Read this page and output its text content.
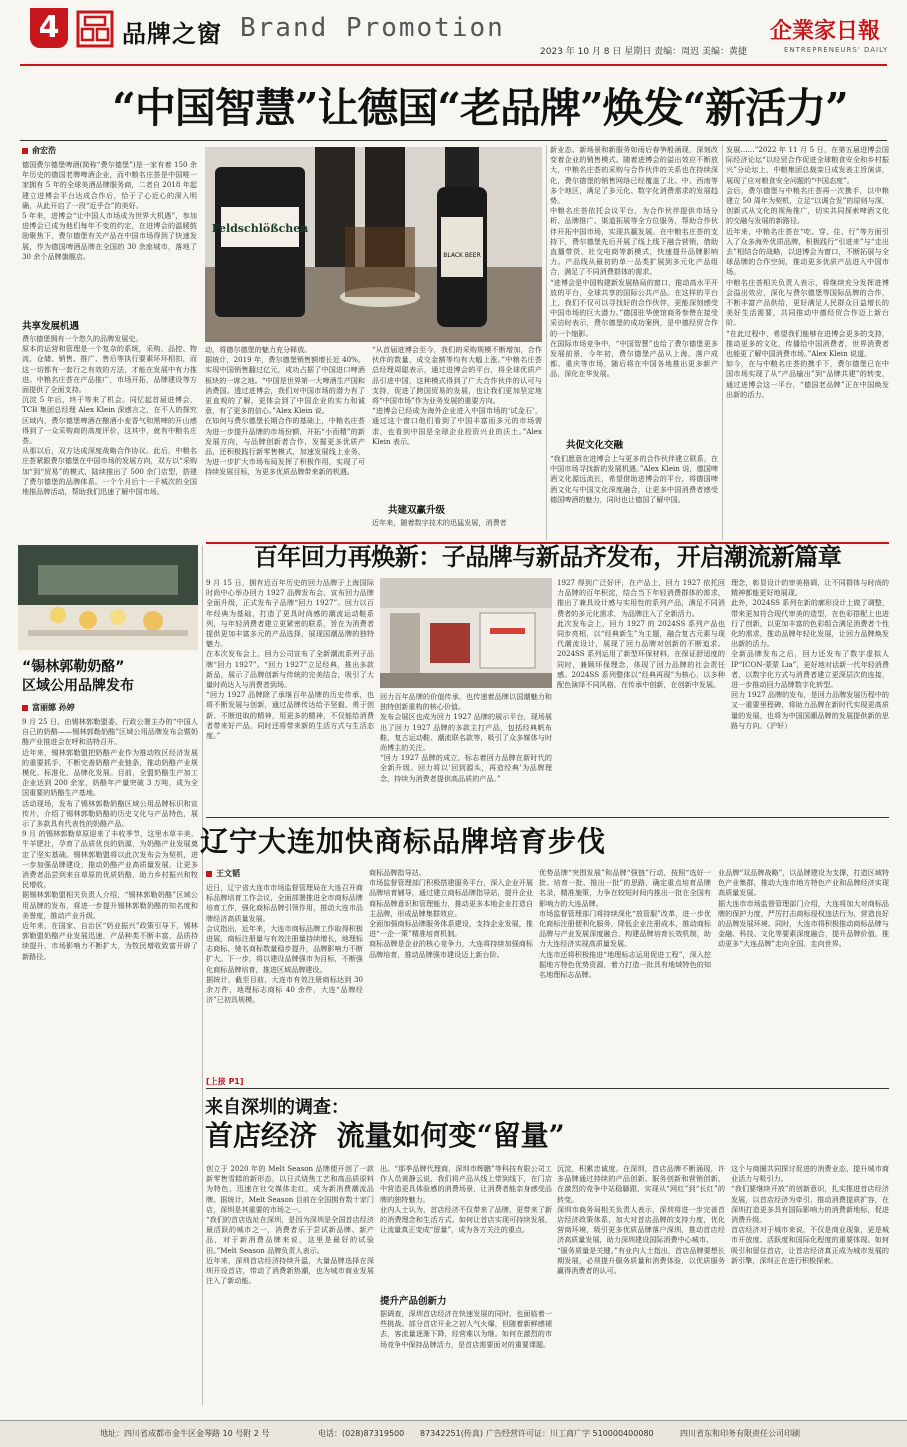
4	品牌之窗 Brand Promotion
2023 年 10 月 8 日 星期日 责编：周迟 美编：黄捷
企業家日報
ENTREPRENEURS' DAILY
“中国智慧”让德国“老品牌”焕发“新活力”
俞宏浩
德国费尔德堡啤酒(简称“费尔德堡”)是一家有着 150 余年历史的德国老牌啤酒企业，而中粮名庄荟是中国唯一家拥有 5 年的全球美酒品牌服务商，二者自 2018 年起建立进博会平台达成合作后，恰于了心近心的深入明确，从此开启了一段“近乎合”的美好。
5 年来，进博会“让中国人市场成为世界大机遇”，参加进博会已成为他们每年不变的约定，在进博会的温暖鼓励聚焦下，费尔德堡有关产品在中国市场得到了快速发展，作为德国啤酒品牌在全国的 30 余座城市，落地了 30 余个品牌旗舰店。
共享发展机遇
费尔德堡拥有一个悠久的品牌发展史。
原本的运营和管理是一个复杂的系统，采购、品控、物流、仓储、销售、推广、售后等执行要素环环相扣，而这一切都有一套行之有效的方法，才能在发展中有力推进。中粮名庄荟在产品推广，市场开拓，品牌建设等方面提供了全面支持。
沉淀 5 年后，终于等来了机会。同忆起首届进博会，TCB 集团总经理 Alex Klein 深感言之，在不人的探究区域内，费尔德堡啤酒在酿酒小麦香气和黑啤的开山感得到了一众采购商的高度评价，这其中，就有中粮名庄荟。
从那以后，双方达成深度战略合作协议。此后，中粮名庄荟紧跟费尔德堡在中国市场的发展方向，双方以“采购加“到“贸易”的模式，陆续推出了 500 余门店型，搭建了费尔德堡的品牌体系。一个个月后十一千城次的全国地推品牌活动，帮助我们迅速了解中国市场。
Feldschlößchen
BLACK BEER
动，将德尔德堡的魅力充分释放。
据统计，2019 年，费尔德堡销售额增长近 40%。实现中国销售翻过亿元，成功占据了中国进口啤酒板块的一席之地。“中国是世界第一大啤酒生产国和消费国。透过进博会，我们对中国市场的潜力有了更直观的了解，更体会到了中国企业的实力和诚意，有了更多的信心。”Alex Klein 说。
在如何与费尔德堡长期合作的基础上，中粮名庄荟为进一步提升品牌的市场份额，开拓“小而精”的新发展方向，与品牌创新者合作，发掘更多优质产品，还积极践行新零售模式，加速发展线上业务，为进一步扩大市场布局发挥了积极作用，实现了可持续发展目标，为更多优质品牌带来新的机遇。
“从首届进博会至今，我们的采购规模不断增加，合作伙伴的数量，成交金额等均有大幅上涨。”中粮名庄荟总经理周聪表示，通过进博会的平台，将全球优质产品引进中国，这种模式得到了广大合作伙伴的认可与支持，促进了跨国贸易的发展，也让我们更加坚定地将“中国市场”作为业务发展的重要方向。
“进博会已经成为海外企业进入中国市场的‘试金石’，通过这个窗口他们看到了中国丰富而多元的市场需求，也看到中国是全球企业投资兴业的沃土。”Alex Klein 表示。
共建双赢升级
近年来，随着数字技术的迅猛发展，消费者
新业态、新场景和新服务如雨后春笋般涌现，深刻改变着企业的销售模式。随着进博会的溢出效应不断放大，中粮名庄荟的采购与合作伙伴的关系也在持续深化，费尔德堡的销售网络已经覆盖了北、中、西南等多个地区，满足了多元化、数字化消费需求的发展趋势。
中粮名庄荟依托会议平台，为合作伙伴提供市场分析、品牌推广、渠道拓展等全方位服务，帮助合作伙伴开拓中国市场，实现共赢发展。在中粮名庄荟的支持下，费尔德堡先后开展了线上线下融合营销，借助直播带货、社交电商等新模式，快速提升品牌影响力。产品线从最初的单一品类扩展到多元化产品组合，满足了不同消费群体的需求。
“进博会是中国构建新发展格局的窗口，推动高水平开放的平台，全球共享的国际公共产品。在这样的平台上，我们不仅可以寻找好的合作伙伴，更能深刻感受中国市场的巨大潜力。”德国驻华使馆商务参赞在接受采访时表示，费尔德堡的成功案例，是中德经贸合作的一个缩影。
在国际市场竞争中，“中国智慧”也给了费尔德堡更多发展前景，今年初，费尔德堡产品从上海，落户成都、重庆等市场，随后将在中国各地推出更多新产品，深化在华发展。
共促文化交融
“我们愿意在进博会上与更多的合作伙伴建立联系，在中国市场寻找新的发展机遇。”Alex Klein 说，德国啤酒文化源远流长，希望借助进博会的平台，将德国啤酒文化与中国文化深度融合，让更多中国消费者感受德国啤酒的魅力，同时也让德国了解中国。
发展……”2022 年 11 月 5 日，在第五届进博会国际经济论坛“以经贸合作促进全球粮食安全和乡村振兴”分论坛上，中粮集团总裁栾日成发表主旨演讲，展现了应对粮食安全问题的“中国态度”。
会后，费尔德堡与中粮名庄荟再一次携手，以中粮建立 50 周年为契机，立足“以调合发”的原则与深，创新式从文化的视角推广，切实共同探索啤酒文化的交融与发展的新路径。
近年来，中粮名庄荟在“吃、穿、住、行”等方面引入了众多海外优质品牌，积极践行“引进来”与“走出去”相结合的战略，以进博会为窗口，不断拓展与全球品牌的合作空间，推动更多优质产品进入中国市场。
中粮名庄荟相关负责人表示，将继续充分发挥进博会溢出效应，深化与费尔德堡等国际品牌的合作，不断丰富产品供给，更好满足人民群众日益增长的美好生活需要，共同推动中德经贸合作迈上新台阶。
“在此过程中，希望我们能够在进博会更多的支持，推动更多的文化，传播给中国消费者，世界消费者也能更了解中国消费市场。”Alex Klein 说道。
如今，在与中粮名庄荟的携手下，费尔德堡已在中国市场实现了从“产品输出”到“品牌共建”的转变，通过进博会这一平台，“德国老品牌”正在中国焕发出新的活力。
“锡林郭勒奶酪”
区域公用品牌发布
富丽娜 孙婷
9 月 25 日，由锡林郭勒盟委、行政公署主办的“中国人自己的奶酪——锡林郭勒奶酪”区域公用品牌发布会暨奶酪产业推进会在呼和浩特召开。
近年来，锡林郭勒盟把奶酪产业作为推动牧区经济发展的重要抓手，不断完善奶酪产业链条，推动奶酪产业规模化、标准化、品牌化发展。目前，全盟奶酪生产加工企业达到 200 余家，奶酪年产量突破 3 万吨，成为全国重要的奶酪生产基地。
活动现场，发布了锡林郭勒奶酪区域公用品牌标识和宣传片，介绍了锡林郭勒奶酪的历史文化与产品特色，展示了多款具有代表性的奶酪产品。
9 月 的锡林郭勒草原迎来了丰收季节，这里水草丰美，牛羊肥壮，孕育了品质优良的奶源，为奶酪产业发展奠定了坚实基础。锡林郭勒盟将以此次发布会为契机，进一步加强品牌建设，推动奶酪产业高质量发展，让更多消费者品尝到来自草原的优质奶酪，助力乡村振兴和牧民增收。
据锡林郭勒盟相关负责人介绍，“锡林郭勒奶酪”区域公用品牌的发布，将进一步提升锡林郭勒奶酪的知名度和美誉度，推动产业升级。
近年来，在国家、自治区“奶业振兴”政策引导下，锡林郭勒盟奶酪产业发展迅速，产品种类不断丰富，品质持续提升，市场影响力不断扩大，为牧民增收致富开辟了新路径。
百年回力再焕新：子品牌与新品齐发布，开启潮流新篇章
9 月 15 日，拥有近百年历史的回力品牌于上海国际时尚中心举办回力 1927 品牌发布会，宣布回力品牌全面升级，正式发布子品牌“回力 1927”。回力以百年经典为基础，打造了更具时尚感的潮流运动鞋系列，与年轻消费者建立更紧密的联系，旨在为消费者提供更加丰富多元的产品选择，展现国潮品牌的独特魅力。
在本次发布会上，回力公司宣布了全新潮流系列子品牌“回力 1927”。“回力 1927”立足经典，推出多款新品，展示了品牌创新与传统的完美结合，吸引了大量时尚达人与消费者到场。
“回力 1927 品牌除了承继百年品牌的历史传承，也将不断发展与创新，通过品牌传达给予坚毅、勇于创新、不断进取的精神，用更多的精神，不仅能给消费者带来好产品，同时还将带来新的生活方式与生活态度。”
回力百年品牌的价值传承，也传递着品牌以国潮魅力和独特创新重构的核心价值。
发布会展区也成为回力 1927 品牌的展示平台，现场展出了回力 1927 品牌的多款主打产品，包括经典帆布鞋、复古运动鞋、潮流联名款等，吸引了众多媒体与时尚博主的关注。
“回力 1927 品牌的成立，标志着回力品牌在新时代的全新升级。回力将以‘回到源头，再造经典’为品牌理念，持续为消费者提供高品质的产品。”
1927 得到广泛好评，在产品上，回力 1927 依托回力品牌的百年积淀，结合当下年轻消费群体的需求，推出了兼具设计感与实用性的系列产品，满足不同消费者的多元化需求，为品牌注入了全新活力。
此次发布会上，回力 1927 的 2024SS 系列产品也同步亮相，以“经典新生”为主题，融合复古元素与现代潮流设计，展现了回力品牌对创新的不断追求。2024SS 系列运用了新型环保材料，在保证舒适度的同时，兼顾环保理念，体现了回力品牌的社会责任感。2024SS 系列整体以“经典再现”为核心，以多种配色演绎不同风格，在传承中创新，在创新中发展。
理念，彰显设计的审美格调，让不同群体与时尚的精神都能更好地展现。
此外，2024SS 系列在新的廓形设计上做了调整，带来更加符合现代审美的造型，在色彩搭配上也进行了创新，以更加丰富的色彩组合满足消费者个性化的需求，推动品牌年轻化发展，让回力品牌焕发出新的活力。
全新品牌发布之后，回力还发布了数字虚拟人 IP“ICON-蒙蒙 Lia”，更好地对话新一代年轻消费者，以数字化方式与消费者建立更深层次的连接，进一步推动回力品牌数字化转型。
回力 1927 品牌的发布，是回力品牌发展历程中的又一重要里程碑，将助力品牌在新时代实现更高质量的发展，也将为中国国潮品牌的发展提供新的思路与方向。（沪轩）
辽宁大连加快商标品牌培育步伐
王文韬
近日，辽宁省大连市市场监督管理局在大连召开商标品牌培育工作会议，全面部署推进全市商标品牌培育工作，强化商标品牌引领作用，推动大连市品牌经济高质量发展。
会议指出，近年来，大连市商标品牌工作取得积极进展，商标注册量与有效注册量持续增长，地理标志商标、驰名商标数量稳步提升，品牌影响力不断扩大。下一步，将以建设品牌强市为目标，不断强化商标品牌培育，推进区域品牌建设。
据统计，截至目前，大连市有效注册商标达到 30 余万件，地理标志商标 40 余件，大连“品牌经济”已初具规模。
商标品牌指导站。
市场监督管理部门积极搭建服务平台，深入企业开展品牌培育辅导，通过建立商标品牌指导站，提升企业商标品牌意识和管理能力，推动更多本地企业打造自主品牌，形成品牌集群效应。
全面加强商标品牌服务体系建设，支持企业发展，推进“一企一策”精准培育机制。
商标品牌是企业的核心竞争力，大连将持续加强商标品牌培育，推动品牌强市建设迈上新台阶。
优势品牌“突围发展”和品牌“强链”行动，按照“选好一批、培育一批、推出一批”的思路，确定重点培育品牌名录，精准施策，力争在较短时间内推出一批在全国有影响力的大连品牌。
市场监督管理部门将持续深化“放管服”改革，进一步优化商标注册便利化服务，降低企业注册成本，推动商标品牌与产业发展深度融合，构建品牌培育长效机制，助力大连经济实现高质量发展。
大连市还将积极推进“地理标志运用促进工程”，深入挖掘地方特色优势资源，着力打造一批具有地域特色的知名地理标志品牌。
业品牌“双品牌战略”，以品牌建设为支撑，打造区域特色产业集群，推动大连市地方特色产业和品牌经济实现高质量发展。
据大连市市场监督管理部门介绍，大连将加大对商标品牌的保护力度，严厉打击商标侵权违法行为，营造良好的品牌发展环境。同时，大连市将积极推动商标品牌与金融、科技、文化等要素深度融合，提升品牌价值，推动更多“大连品牌”走向全国、走向世界。
[上接 P1]
来自深圳的调查：
首店经济  流量如何变“留量”
创立于 2020 年的 Melt Season 品牌便开创了一款新零售雪糕的新形态，以日式烧焦工艺和高品质原料为特色，迅速在社交媒体走红，成为新消费潮流品牌。据统计，Melt Season 目前在全国拥有数十家门店，深圳是其重要的市场之一。
“我们的首店选址在深圳，是因为深圳是全国首店经济最活跃的城市之一，消费者乐于尝试新品牌、新产品，对于新消费品牌来说，这里是最好的试验田。”Melt Season 品牌负责人表示。
近年来，深圳首店经济持续升温，大量品牌选择在深圳开设首店，带动了消费新热潮，也为城市商业发展注入了新动能。
出。“那季品牌代理商，深圳市辉鹏”等科技有限公司工作人员黄静云说，我们将产品从线上带到线下，在门店中营造更具体验感的消费场景，让消费者能亲身感受品牌的独特魅力。
业内人士认为，首店经济不仅带来了品牌，更带来了新的消费理念和生活方式。如何让首店实现可持续发展，让流量真正变成“留量”，成为各方关注的重点。
提升产品创新力
据调查，深圳首店经济在快速发展的同时，也面临着一些挑战。部分首店开业之初人气火爆，但随着新鲜感褪去，客流量逐渐下降，经营难以为继。如何在激烈的市场竞争中保持品牌活力，是首店需要面对的重要课题。
沉淀，积累忠诚度。在深圳，首店品牌不断涌现，许多品牌通过持续的产品创新、服务创新和营销创新，在激烈的竞争中站稳脚跟，实现从“网红”到“长红”的转变。
深圳市商务局相关负责人表示，深圳将进一步完善首店经济政策体系，加大对首店品牌的支持力度，优化营商环境，吸引更多优质品牌落户深圳，推动首店经济高质量发展，助力深圳建设国际消费中心城市。
“服务质量是关键。”有业内人士指出，首店品牌要想长期发展，必须提升服务质量和消费体验，以优质服务赢得消费者的认可。
这个与商圈共同探讨促进的消费业态，提升城市商业活力与吸引力。
“我们要继续开放”的创新意识，扎实推进首店经济发展，以首店经济为牵引，推动消费提质扩容，在深圳打造更多具有国际影响力的消费新地标，促进消费升级。
首店经济对于城市来说，不仅是商业现象，更是城市开放度、活跃度和国际化程度的重要体现。如何吸引和留住首店，让首店经济真正成为城市发展的新引擎，深圳正在进行积极探索。
地址：四川省成都市金牛区金琴路 10 号附 2 号	电话：(028)87319500 87342251(传真) 广告经营许可证：川工商广字 510000400080	四川省东和印务有限责任公司印刷
